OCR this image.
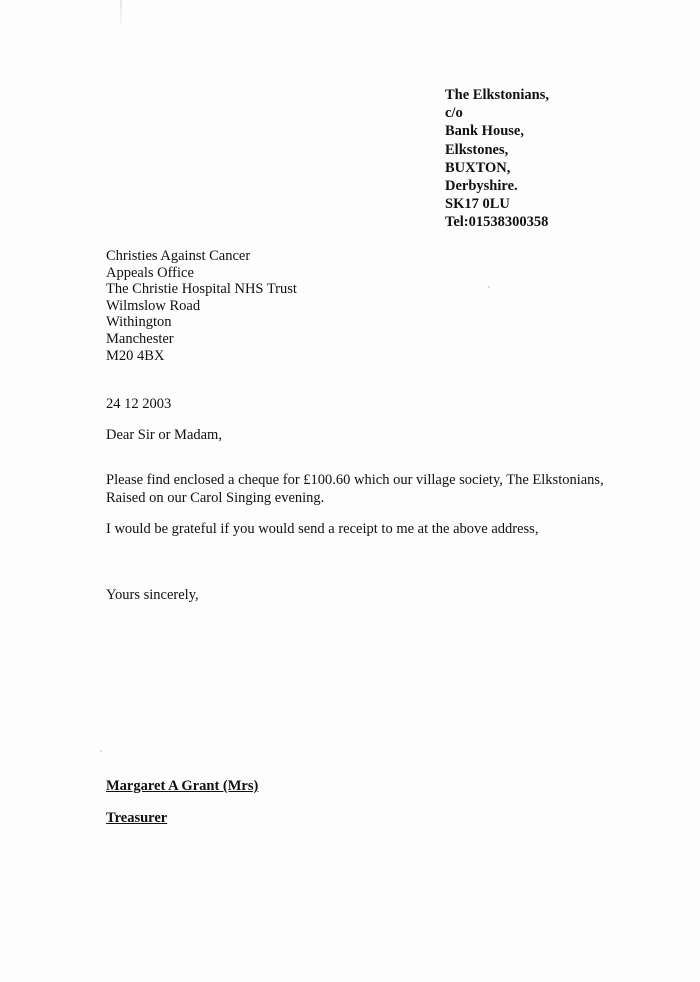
The Elkstonians,
c/o
Bank House,
Elkstones,
BUXTON,
Derbyshire.
SK17 0LU
Tel:01538300358
Christies Against Cancer
Appeals Office
The Christie Hospital NHS Trust
Wilmslow Road
Withington
Manchester
M20 4BX
24 12 2003
Dear Sir or Madam,
Please find enclosed a cheque for £100.60 which our village society, The Elkstonians,
Raised on our Carol Singing evening.
I would be grateful if you would send a receipt to me at the above address,
Yours sincerely,
Margaret A Grant (Mrs)
Treasurer
